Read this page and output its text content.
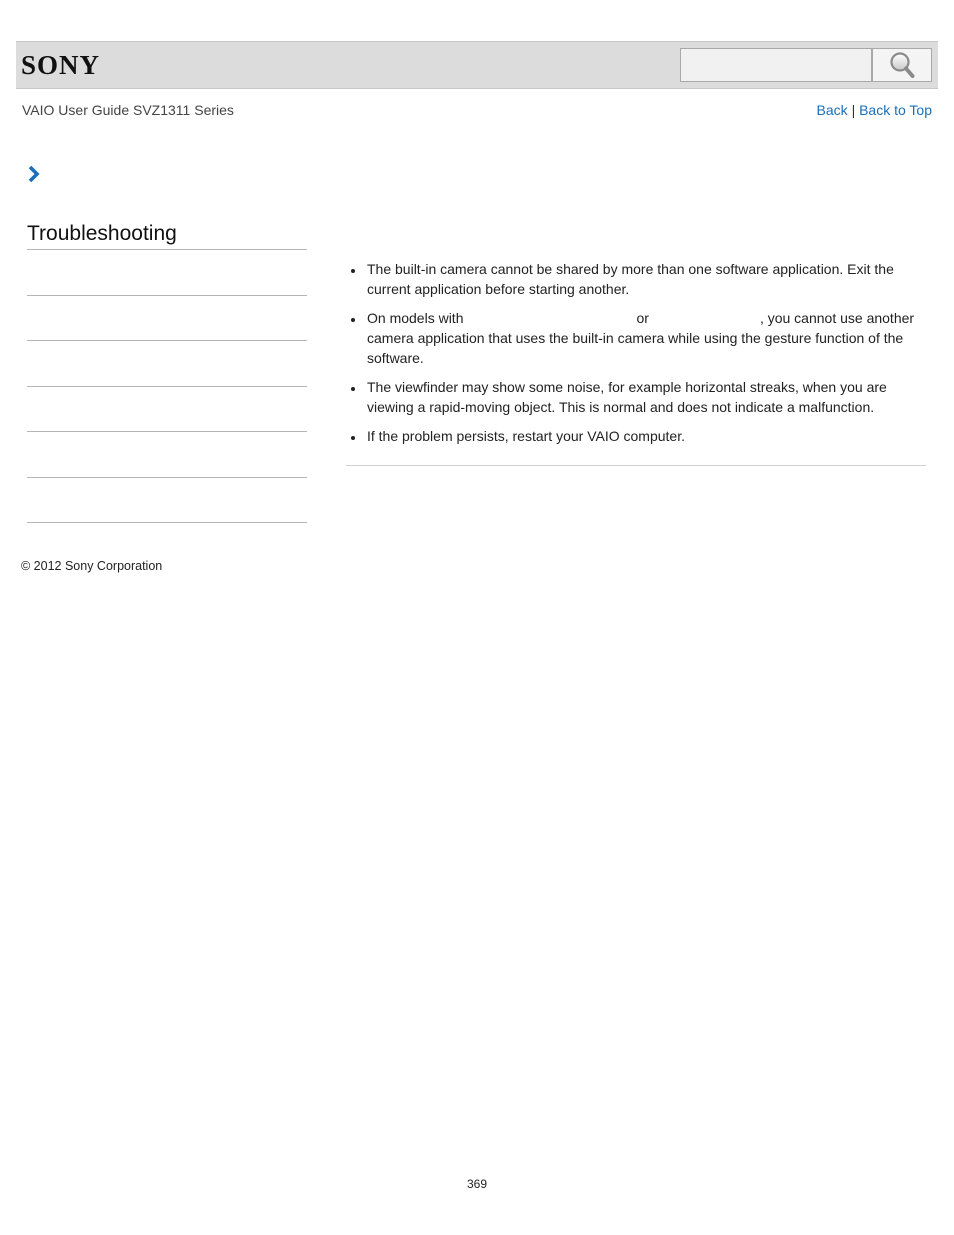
SONY
VAIO User Guide SVZ1311 Series	Back | Back to Top
Troubleshooting
The built-in camera cannot be shared by more than one software application. Exit the current application before starting another.
On models with	or	, you cannot use another camera application that uses the built-in camera while using the gesture function of the software.
The viewfinder may show some noise, for example horizontal streaks, when you are viewing a rapid-moving object. This is normal and does not indicate a malfunction.
If the problem persists, restart your VAIO computer.
© 2012 Sony Corporation
369
